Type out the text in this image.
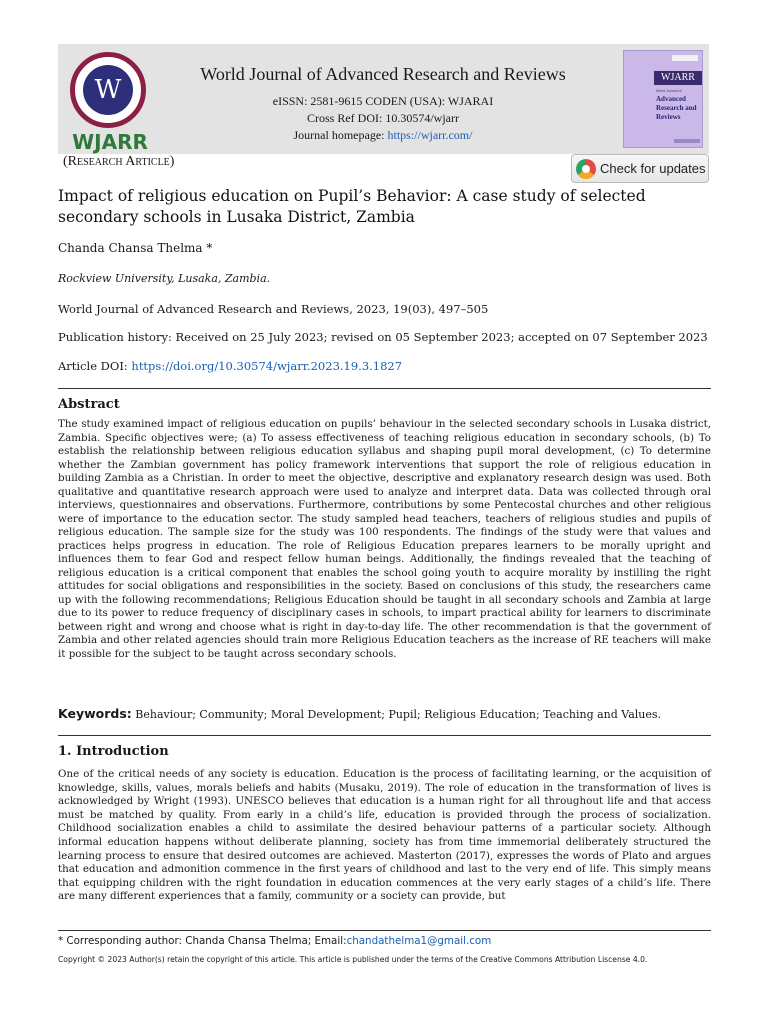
W
WJARR
World Journal of Advanced Research and Reviews
eISSN: 2581-9615 CODEN (USA): WJARAI
Cross Ref DOI: 10.30574/wjarr
Journal homepage: https://wjarr.com/
WJARR
World Journal of
Advanced Research and Reviews
(Research Article)	Check for updates
Impact of religious education on Pupil’s Behavior: A case study of selected secondary schools in Lusaka District, Zambia
Chanda Chansa Thelma *
Rockview University, Lusaka, Zambia.
World Journal of Advanced Research and Reviews, 2023, 19(03), 497–505
Publication history: Received on 25 July 2023; revised on 05 September 2023; accepted on 07 September 2023
Article DOI: https://doi.org/10.30574/wjarr.2023.19.3.1827
Abstract
The study examined impact of religious education on pupils’ behaviour in the selected secondary schools in Lusaka district, Zambia. Specific objectives were; (a) To assess effectiveness of teaching religious education in secondary schools, (b) To establish the relationship between religious education syllabus and shaping pupil moral development, (c) To determine whether the Zambian government has policy framework interventions that support the role of religious education in building Zambia as a Christian. In order to meet the objective, descriptive and explanatory research design was used. Both qualitative and quantitative research approach were used to analyze and interpret data. Data was collected through oral interviews, questionnaires and observations. Furthermore, contributions by some Pentecostal churches and other religious were of importance to the education sector. The study sampled head teachers, teachers of religious studies and pupils of religious education. The sample size for the study was 100 respondents. The findings of the study were that values and practices helps progress in education. The role of Religious Education prepares learners to be morally upright and influences them to fear God and respect fellow human beings. Additionally, the findings revealed that the teaching of religious education is a critical component that enables the school going youth to acquire morality by instilling the right attitudes for social obligations and responsibilities in the society. Based on conclusions of this study, the researchers came up with the following recommendations; Religious Education should be taught in all secondary schools and Zambia at large due to its power to reduce frequency of disciplinary cases in schools, to impart practical ability for learners to discriminate between right and wrong and choose what is right in day-to-day life. The other recommendation is that the government of Zambia and other related agencies should train more Religious Education teachers as the increase of RE teachers will make it possible for the subject to be taught across secondary schools.
Keywords: Behaviour; Community; Moral Development; Pupil; Religious Education; Teaching and Values.
1. Introduction
One of the critical needs of any society is education. Education is the process of facilitating learning, or the acquisition of knowledge, skills, values, morals beliefs and habits (Musaku, 2019). The role of education in the transformation of lives is acknowledged by Wright (1993). UNESCO believes that education is a human right for all throughout life and that access must be matched by quality. From early in a child’s life, education is provided through the process of socialization. Childhood socialization enables a child to assimilate the desired behaviour patterns of a particular society. Although informal education happens without deliberate planning, society has from time immemorial deliberately structured the learning process to ensure that desired outcomes are achieved. Masterton (2017), expresses the words of Plato and argues that education and admonition commence in the first years of childhood and last to the very end of life. This simply means that equipping children with the right foundation in education commences at the very early stages of a child’s life. There are many different experiences that a family, community or a society can provide, but
* Corresponding author: Chanda Chansa Thelma; Email:chandathelma1@gmail.com
Copyright © 2023 Author(s) retain the copyright of this article. This article is published under the terms of the Creative Commons Attribution Liscense 4.0.
